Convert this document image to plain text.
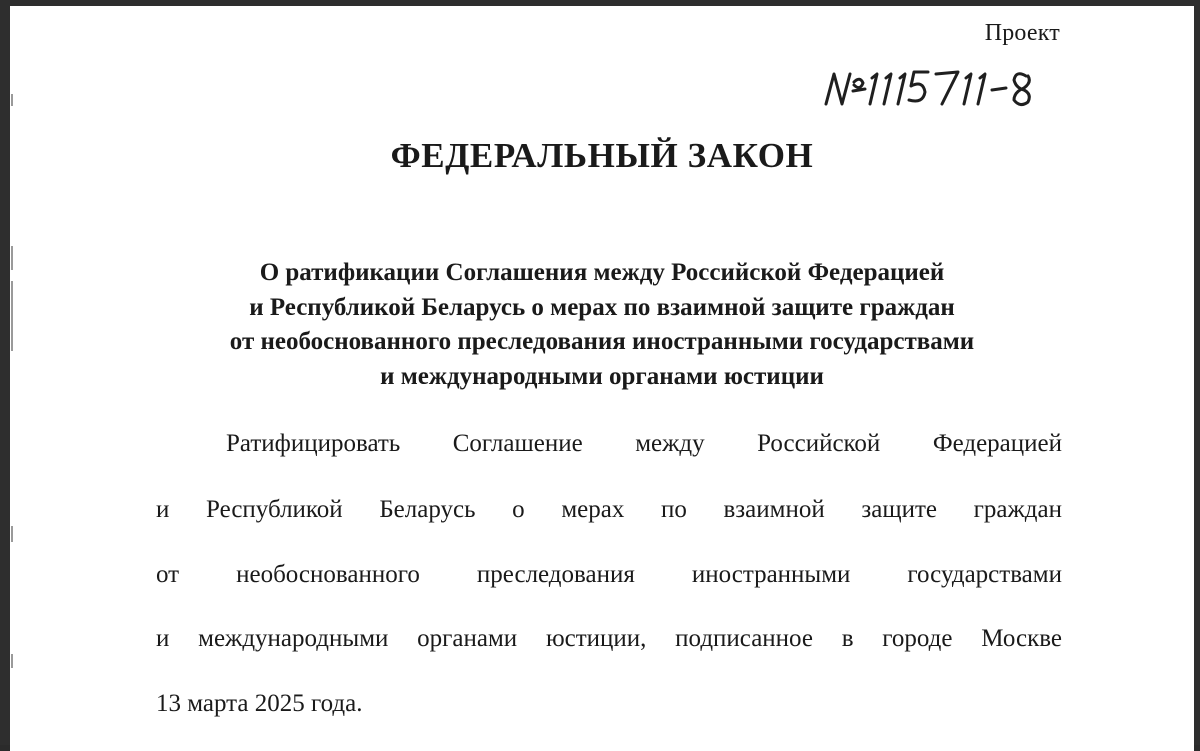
Проект
ФЕДЕРАЛЬНЫЙ ЗАКОН
О ратификации Соглашения между Российской Федерацией
и Республикой Беларусь о мерах по взаимной защите граждан
от необоснованного преследования иностранными государствами
и международными органами юстиции
Ратифицировать Соглашение между Российской Федерацией
и Республикой Беларусь о мерах по взаимной защите граждан
от необоснованного преследования иностранными государствами
и международными органами юстиции, подписанное в городе Москве
13 марта 2025 года.
